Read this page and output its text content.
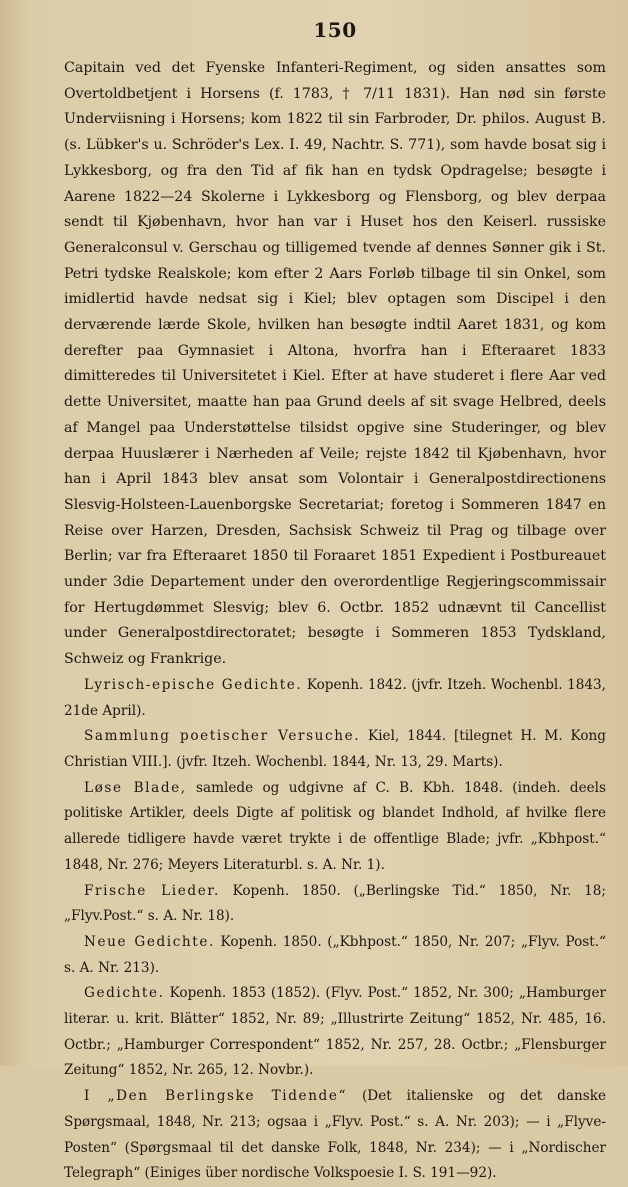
150

Capitain ved det Fyenske Infanteri-Regiment, og siden ansattes som Overtoldbetjent i Horsens (f. 1783, † 7/11 1831). Han nød sin første Underviisning i Horsens; kom 1822 til sin Farbroder, Dr. philos. August B. (s. Lübker's u. Schröder's Lex. I. 49, Nachtr. S. 771), som havde bosat sig i Lykkesborg, og fra den Tid af fik han en tydsk Opdragelse; besøgte i Aarene 1822—24 Skolerne i Lykkesborg og Flensborg, og blev derpaa sendt til Kjøbenhavn, hvor han var i Huset hos den Keiserl. russiske Generalconsul v. Gerschau og tilligemed tvende af dennes Sønner gik i St. Petri tydske Realskole; kom efter 2 Aars Forløb tilbage til sin Onkel, som imidlertid havde nedsat sig i Kiel; blev optagen som Discipel i den derværende lærde Skole, hvilken han besøgte indtil Aaret 1831, og kom derefter paa Gymnasiet i Altona, hvorfra han i Efteraaret 1833 dimitteredes til Universitetet i Kiel. Efter at have studeret i flere Aar ved dette Universitet, maatte han paa Grund deels af sit svage Helbred, deels af Mangel paa Understøttelse tilsidst opgive sine Studeringer, og blev derpaa Huuslærer i Nærheden af Veile; rejste 1842 til Kjøbenhavn, hvor han i April 1843 blev ansat som Volontair i Generalpostdirectionens Slesvig-Holsteen-Lauenborgske Secretariat; foretog i Sommeren 1847 en Reise over Harzen, Dresden, Sachsisk Schweiz til Prag og tilbage over Berlin; var fra Efteraaret 1850 til Foraaret 1851 Expedient i Postbureauet under 3die Departement under den overordentlige Regjeringscommissair for Hertugdømmet Slesvig; blev 6. Octbr. 1852 udnævnt til Cancellist under Generalpostdirectoratet; besøgte i Sommeren 1853 Tydskland, Schweiz og Frankrige.

Lyrisch-epische Gedichte. Kopenh. 1842. (jvfr. Itzeh. Wochenbl. 1843, 21de April).

Sammlung poetischer Versuche. Kiel, 1844. [tilegnet H. M. Kong Christian VIII.]. (jvfr. Itzeh. Wochenbl. 1844, Nr. 13, 29. Marts).

Løse Blade, samlede og udgivne af C. B. Kbh. 1848. (indeh. deels politiske Artikler, deels Digte af politisk og blandet Indhold, af hvilke flere allerede tidligere havde været trykte i de offentlige Blade; jvfr. „Kbhpost.“ 1848, Nr. 276; Meyers Literaturbl. s. A. Nr. 1).

Frische Lieder. Kopenh. 1850. („Berlingske Tid.“ 1850, Nr. 18; „Flyv.Post.“ s. A. Nr. 18).

Neue Gedichte. Kopenh. 1850. („Kbhpost.“ 1850, Nr. 207; „Flyv. Post.“ s. A. Nr. 213).

Gedichte. Kopenh. 1853 (1852). (Flyv. Post.“ 1852, Nr. 300; „Hamburger literar. u. krit. Blätter“ 1852, Nr. 89; „Illustrirte Zeitung“ 1852, Nr. 485, 16. Octbr.; „Hamburger Correspondent“ 1852, Nr. 257, 28. Octbr.; „Flensburger Zeitung“ 1852, Nr. 265, 12. Novbr.).

I „Den Berlingske Tidende“ (Det italienske og det danske Spørgsmaal, 1848, Nr. 213; ogsaa i „Flyv. Post.“ s. A. Nr. 203); — i „Flyve-Posten“ (Spørgsmaal til det danske Folk, 1848, Nr. 234); — i „Nordischer Telegraph“ (Einiges über nordische Volkspoesie I. S. 191—92).
